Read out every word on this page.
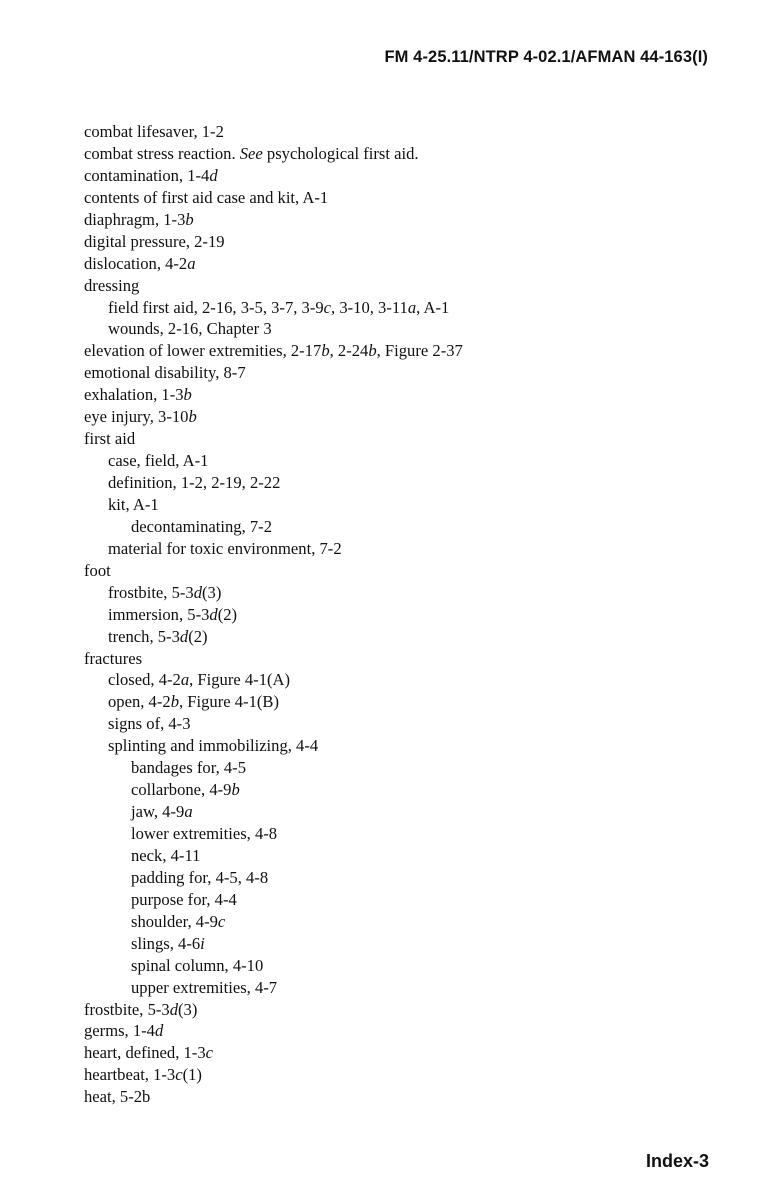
FM 4-25.11/NTRP 4-02.1/AFMAN 44-163(I)
combat lifesaver, 1-2
combat stress reaction. See psychological first aid.
contamination, 1-4d
contents of first aid case and kit, A-1
diaphragm, 1-3b
digital pressure, 2-19
dislocation, 4-2a
dressing
field first aid, 2-16, 3-5, 3-7, 3-9c, 3-10, 3-11a, A-1
wounds, 2-16, Chapter 3
elevation of lower extremities, 2-17b, 2-24b, Figure 2-37
emotional disability, 8-7
exhalation, 1-3b
eye injury, 3-10b
first aid
case, field, A-1
definition, 1-2, 2-19, 2-22
kit, A-1
decontaminating, 7-2
material for toxic environment, 7-2
foot
frostbite, 5-3d(3)
immersion, 5-3d(2)
trench, 5-3d(2)
fractures
closed, 4-2a, Figure 4-1(A)
open, 4-2b, Figure 4-1(B)
signs of, 4-3
splinting and immobilizing, 4-4
bandages for, 4-5
collarbone, 4-9b
jaw, 4-9a
lower extremities, 4-8
neck, 4-11
padding for, 4-5, 4-8
purpose for, 4-4
shoulder, 4-9c
slings, 4-6i
spinal column, 4-10
upper extremities, 4-7
frostbite, 5-3d(3)
germs, 1-4d
heart, defined, 1-3c
heartbeat, 1-3c(1)
heat, 5-2b
Index-3
